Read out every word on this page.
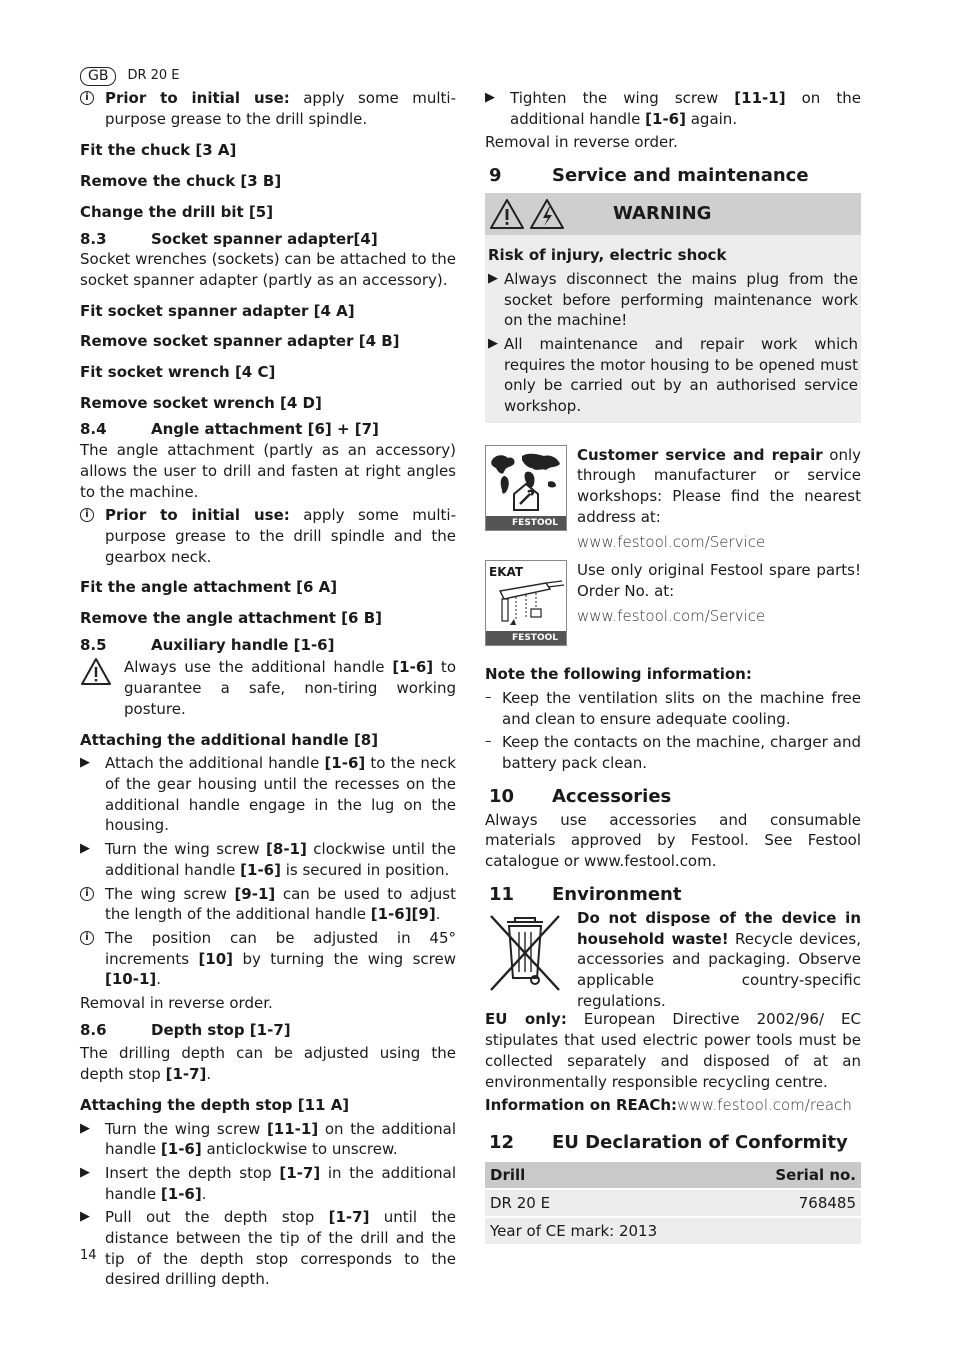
GB	DR 20 E
i	Prior to initial use: apply some multi-purpose grease to the drill spindle.
Fit the chuck [3 A]
Remove the chuck [3 B]
Change the drill bit [5]
8.3	Socket spanner adapter[4]

Socket wrenches (sockets) can be attached to the socket spanner adapter (partly as an accessory).

Fit socket spanner adapter [4 A]
Remove socket spanner adapter [4 B]
Fit socket wrench [4 C]
Remove socket wrench [4 D]
8.4	Angle attachment [6] + [7]

The angle attachment (partly as an accessory) allows the user to drill and fasten at right angles to the machine.

i	Prior to initial use: apply some multi-purpose grease to the drill spindle and the gearbox neck.
Fit the angle attachment [6 A]
Remove the angle attachment [6 B]
8.5	Auxiliary handle [1-6]
Always use the additional handle [1-6] to guarantee a safe, non-tiring working posture.
Attaching the additional handle [8]
▶	Attach the additional handle [1-6] to the neck of the gear housing until the recesses on the additional handle engage in the lug on the housing.
▶	Turn the wing screw [8-1] clockwise until the additional handle [1-6] is secured in position.
i	The wing screw [9-1] can be used to adjust the length of the additional handle [1-6][9].
i	The position can be adjusted in 45° increments [10] by turning the wing screw [10-1].

Removal in reverse order.

8.6	Depth stop [1-7]

The drilling depth can be adjusted using the depth stop [1-7].

Attaching the depth stop [11 A]
▶	Turn the wing screw [11-1] on the additional handle [1-6] anticlockwise to unscrew.
▶	Insert the depth stop [1-7] in the additional handle [1-6].
▶	Pull out the depth stop [1-7] until the distance between the tip of the drill and the tip of the depth stop corresponds to the desired drilling depth.
▶	Tighten the wing screw [11-1] on the additional handle [1-6] again.

Removal in reverse order.

9	Service and maintenance
WARNING
Risk of injury, electric shock
▶ Always disconnect the mains plug from the socket before performing maintenance work on the machine!
▶ All maintenance and repair work which requires the motor housing to be opened must only be carried out by an authorised service workshop.
FESTOOL

Customer service and repair only through manufacturer or service workshops: Please find the nearest address at:

www.festool.com/Service
EKAT
FESTOOL

Use only original Festool spare parts! Order No. at:

www.festool.com/Service
Note the following information:
– Keep the ventilation slits on the machine free and clean to ensure adequate cooling.
– Keep the contacts on the machine, charger and battery pack clean.
10	Accessories

Always use accessories and consumable materials approved by Festool. See Festool catalogue or www.festool.com.

11	Environment

Do not dispose of the device in household waste! Recycle devices, accessories and packaging. Observe applicable country-specific regulations.

EU only: European Directive 2002/96/ EC stipulates that used electric power tools must be collected separately and disposed of at an environmentally responsible recycling centre.

Information on REACh:www.festool.com/reach

12	EU Declaration of Conformity
Drill	Serial no.
DR 20 E	768485
Year of CE mark: 2013	
14
